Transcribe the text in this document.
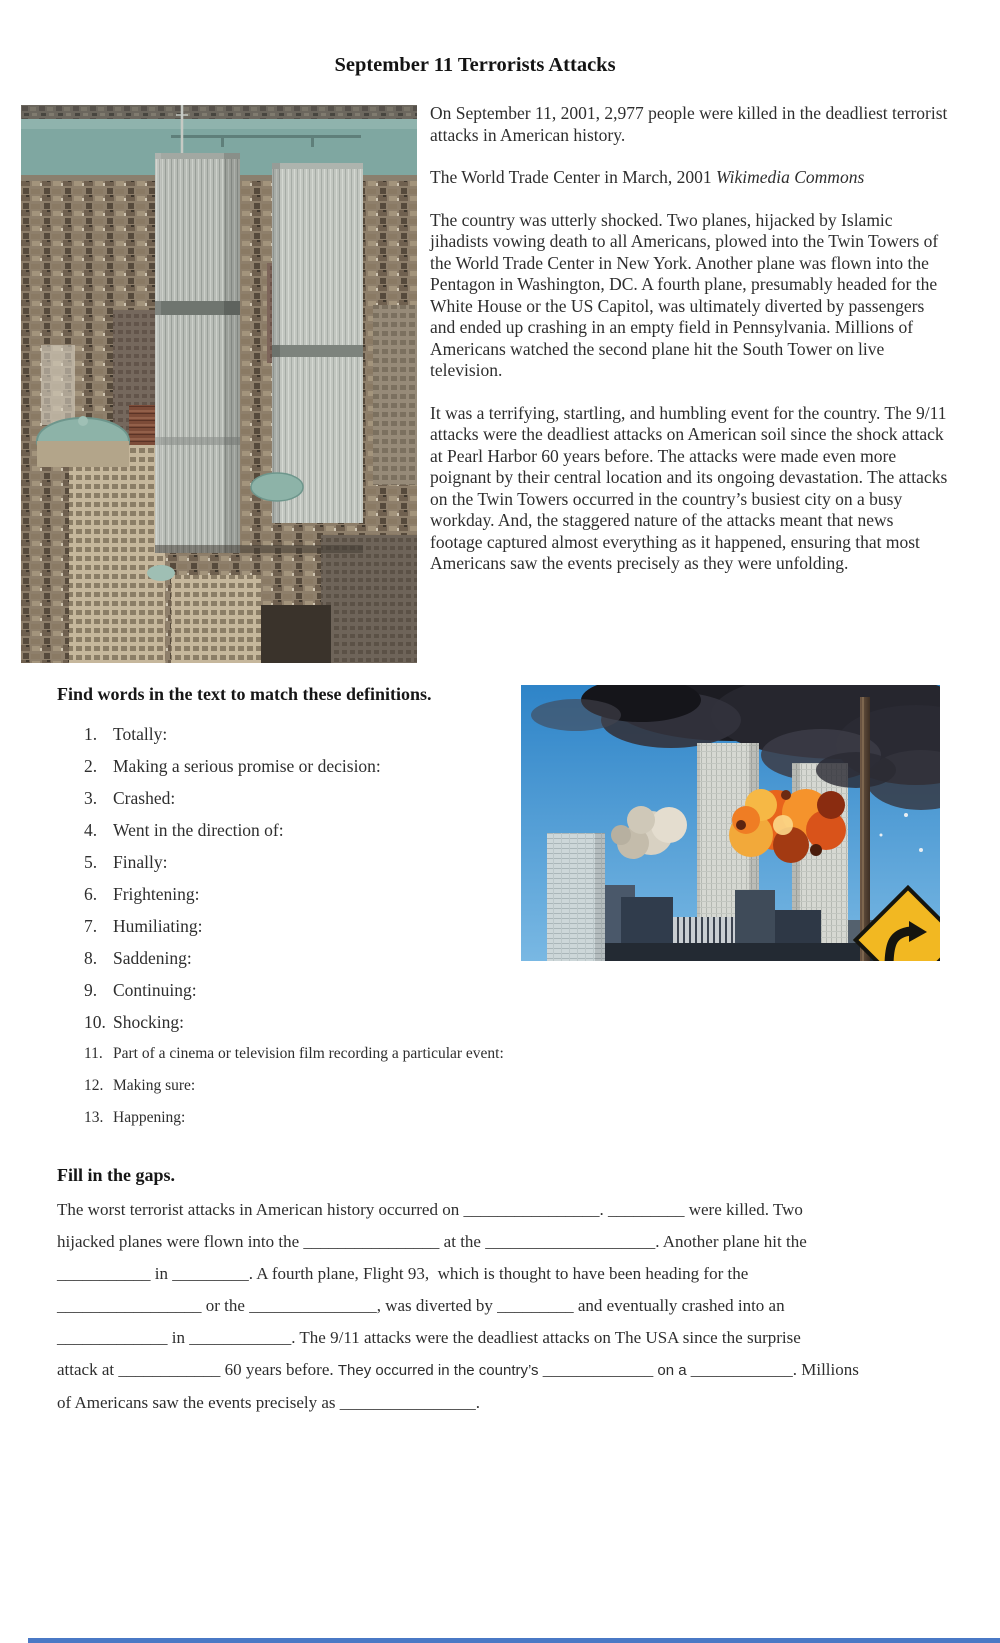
September 11 Terrorists Attacks

On September 11, 2001, 2,977 people were killed in the deadliest terrorist attacks in American history.

The World Trade Center in March, 2001 Wikimedia Commons

The country was utterly shocked. Two planes, hijacked by Islamic jihadists vowing death to all Americans, plowed into the Twin Towers of the World Trade Center in New York. Another plane was flown into the Pentagon in Washington, DC. A fourth plane, presumably headed for the White House or the US Capitol, was ultimately diverted by passengers and ended up crashing in an empty field in Pennsylvania. Millions of Americans watched the second plane hit the South Tower on live television.

It was a terrifying, startling, and humbling event for the country. The 9/11 attacks were the deadliest attacks on American soil since the shock attack at Pearl Harbor 60 years before. The attacks were made even more poignant by their central location and its ongoing devastation. The attacks on the Twin Towers occurred in the country’s busiest city on a busy workday. And, the staggered nature of the attacks meant that news footage captured almost everything as it happened, ensuring that most Americans saw the events precisely as they were unfolding.

Find words in the text to match these definitions.
1. Totally:
2. Making a serious promise or decision:
3. Crashed:
4. Went in the direction of:
5. Finally:
6. Frightening:
7. Humiliating:
8. Saddening:
9. Continuing:
10. Shocking:
11. Part of a cinema or television film recording a particular event:
12. Making sure:
13. Happening:
Fill in the gaps.
The worst terrorist attacks in American history occurred on ________________. _________ were killed. Two
hijacked planes were flown into the ________________ at the ____________________. Another plane hit the
___________ in _________. A fourth plane, Flight 93,  which is thought to have been heading for the
_________________ or the _______________, was diverted by _________ and eventually crashed into an
_____________ in ____________. The 9/11 attacks were the deadliest attacks on The USA since the surprise
attack at ____________ 60 years before. They occurred in the country’s _____________ on a ____________. Millions
of Americans saw the events precisely as ________________.
